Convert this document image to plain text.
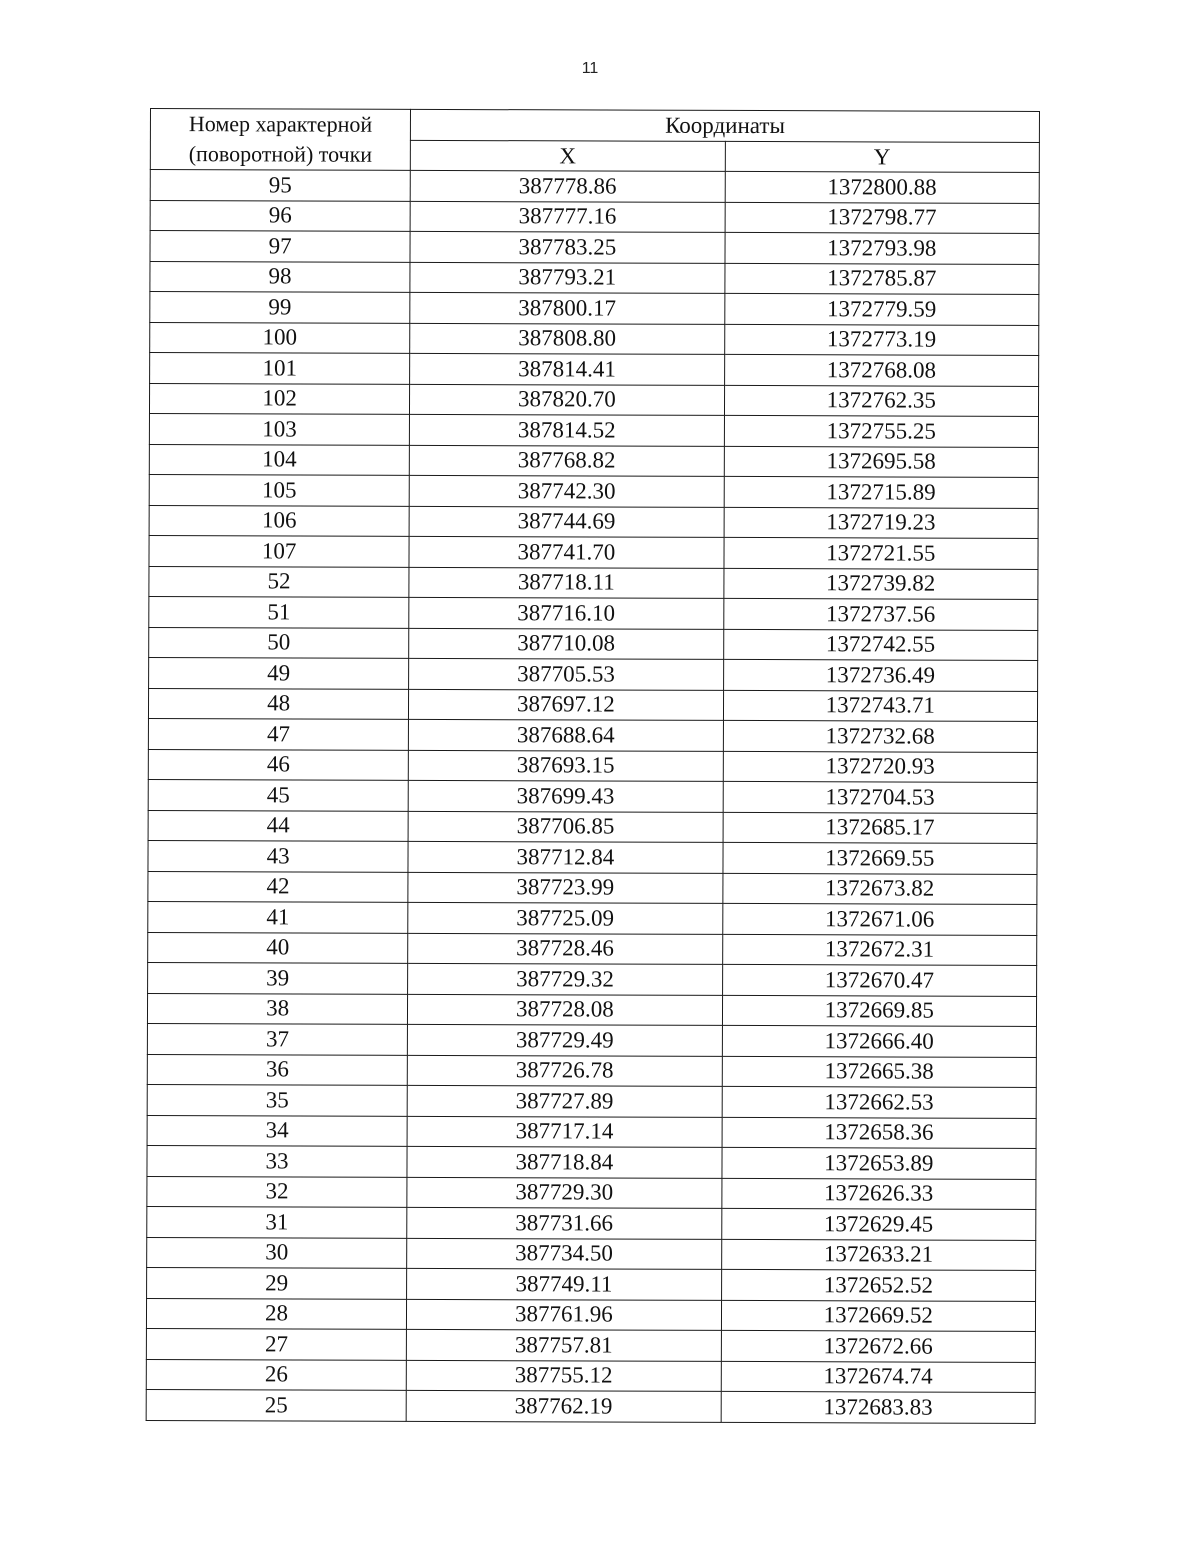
11
Номер характерной (поворотной) точки	Координаты	
	X	Y
95	387778.86	1372800.88
96	387777.16	1372798.77
97	387783.25	1372793.98
98	387793.21	1372785.87
99	387800.17	1372779.59
100	387808.80	1372773.19
101	387814.41	1372768.08
102	387820.70	1372762.35
103	387814.52	1372755.25
104	387768.82	1372695.58
105	387742.30	1372715.89
106	387744.69	1372719.23
107	387741.70	1372721.55
52	387718.11	1372739.82
51	387716.10	1372737.56
50	387710.08	1372742.55
49	387705.53	1372736.49
48	387697.12	1372743.71
47	387688.64	1372732.68
46	387693.15	1372720.93
45	387699.43	1372704.53
44	387706.85	1372685.17
43	387712.84	1372669.55
42	387723.99	1372673.82
41	387725.09	1372671.06
40	387728.46	1372672.31
39	387729.32	1372670.47
38	387728.08	1372669.85
37	387729.49	1372666.40
36	387726.78	1372665.38
35	387727.89	1372662.53
34	387717.14	1372658.36
33	387718.84	1372653.89
32	387729.30	1372626.33
31	387731.66	1372629.45
30	387734.50	1372633.21
29	387749.11	1372652.52
28	387761.96	1372669.52
27	387757.81	1372672.66
26	387755.12	1372674.74
25	387762.19	1372683.83
